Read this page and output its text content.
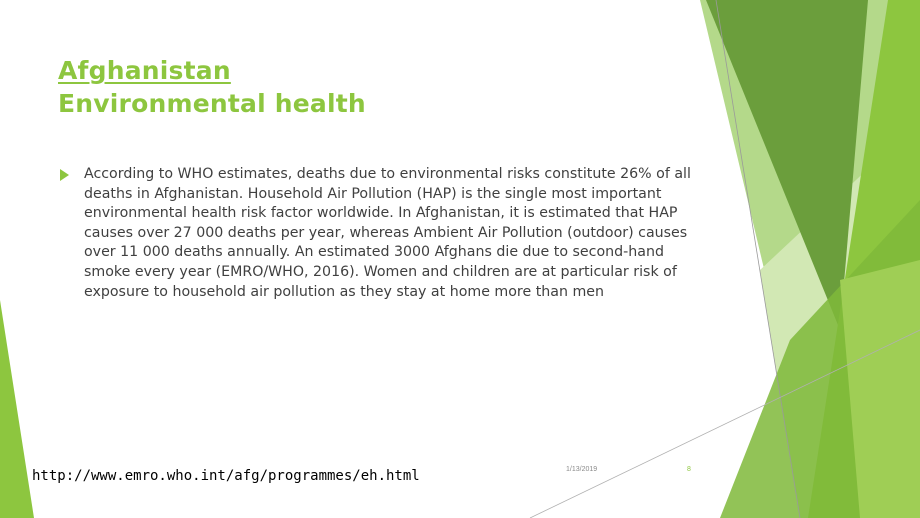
Afghanistan
Environmental health

According to WHO estimates, deaths due to environmental risks constitute 26% of all deaths in Afghanistan. Household Air Pollution (HAP) is the single most important environmental health risk factor worldwide. In Afghanistan, it is estimated that HAP causes over 27 000 deaths per year, whereas Ambient Air Pollution (outdoor) causes over 11 000 deaths annually. An estimated 3000 Afghans die due to second-hand smoke every year (EMRO/WHO, 2016). Women and children are at particular risk of exposure to household air pollution as they stay at home more than men

http://www.emro.who.int/afg/programmes/eh.html	1/13/2019	8
